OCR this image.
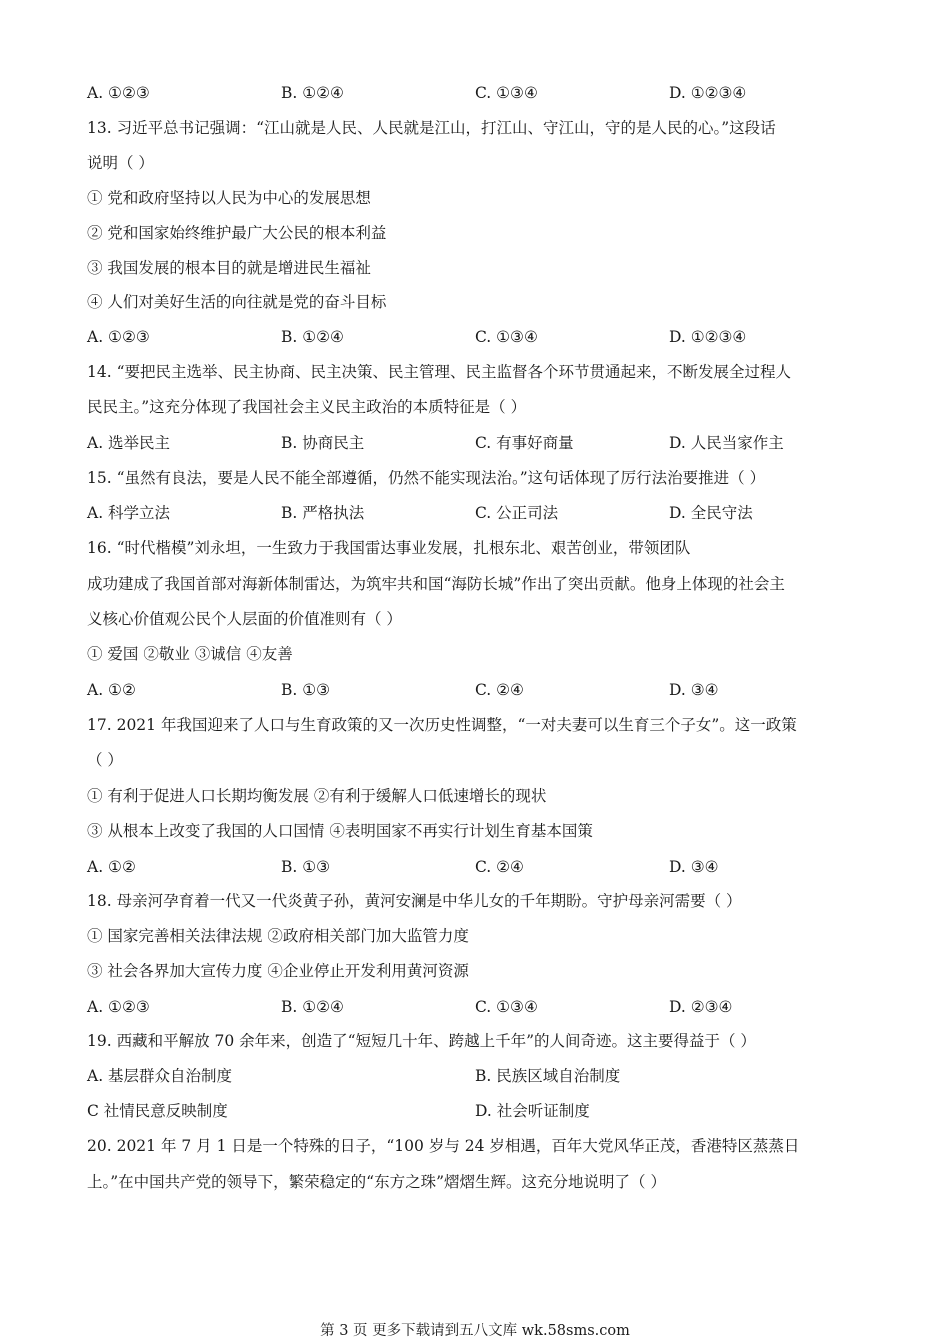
A. ①②③	B. ①②④	C. ①③④	D. ①②③④
13. 习近平总书记强调：“江山就是人民、人民就是江山，打江山、守江山，守的是人民的心。”这段话
说明（ ）
① 党和政府坚持以人民为中心的发展思想
② 党和国家始终维护最广大公民的根本利益
③ 我国发展的根本目的就是增进民生福祉
④ 人们对美好生活的向往就是党的奋斗目标
A. ①②③	B. ①②④	C. ①③④	D. ①②③④
14. “要把民主选举、民主协商、民主决策、民主管理、民主监督各个环节贯通起来，不断发展全过程人
民民主。”这充分体现了我国社会主义民主政治的本质特征是（ ）
A. 选举民主	B. 协商民主	C. 有事好商量	D. 人民当家作主
15. “虽然有良法，要是人民不能全部遵循，仍然不能实现法治。”这句话体现了厉行法治要推进（ ）
A. 科学立法	B. 严格执法	C. 公正司法	D. 全民守法
16. “时代楷模”刘永坦，一生致力于我国雷达事业发展，扎根东北、艰苦创业，带领团队
成功建成了我国首部对海新体制雷达，为筑牢共和国“海防长城”作出了突出贡献。他身上体现的社会主
义核心价值观公民个人层面的价值准则有（ ）
① 爱国 ②敬业 ③诚信 ④友善
A. ①②	B. ①③	C. ②④	D. ③④
17. 2021 年我国迎来了人口与生育政策的又一次历史性调整，“一对夫妻可以生育三个子女”。这一政策
（ ）
① 有利于促进人口长期均衡发展 ②有利于缓解人口低速增长的现状
③ 从根本上改变了我国的人口国情 ④表明国家不再实行计划生育基本国策
A. ①②	B. ①③	C. ②④	D. ③④
18. 母亲河孕育着一代又一代炎黄子孙，黄河安澜是中华儿女的千年期盼。守护母亲河需要（ ）
① 国家完善相关法律法规 ②政府相关部门加大监管力度
③ 社会各界加大宣传力度 ④企业停止开发利用黄河资源
A. ①②③	B. ①②④	C. ①③④	D. ②③④
19. 西藏和平解放 70 余年来，创造了“短短几十年、跨越上千年”的人间奇迹。这主要得益于（ ）
A. 基层群众自治制度	B. 民族区域自治制度
C 社情民意反映制度	D. 社会听证制度
20. 2021 年 7 月 1 日是一个特殊的日子，“100 岁与 24 岁相遇，百年大党风华正茂，香港特区蒸蒸日
上。”在中国共产党的领导下，繁荣稳定的“东方之珠”熠熠生辉。这充分地说明了（ ）
第 3 页 更多下载请到五八文库 wk.58sms.com
